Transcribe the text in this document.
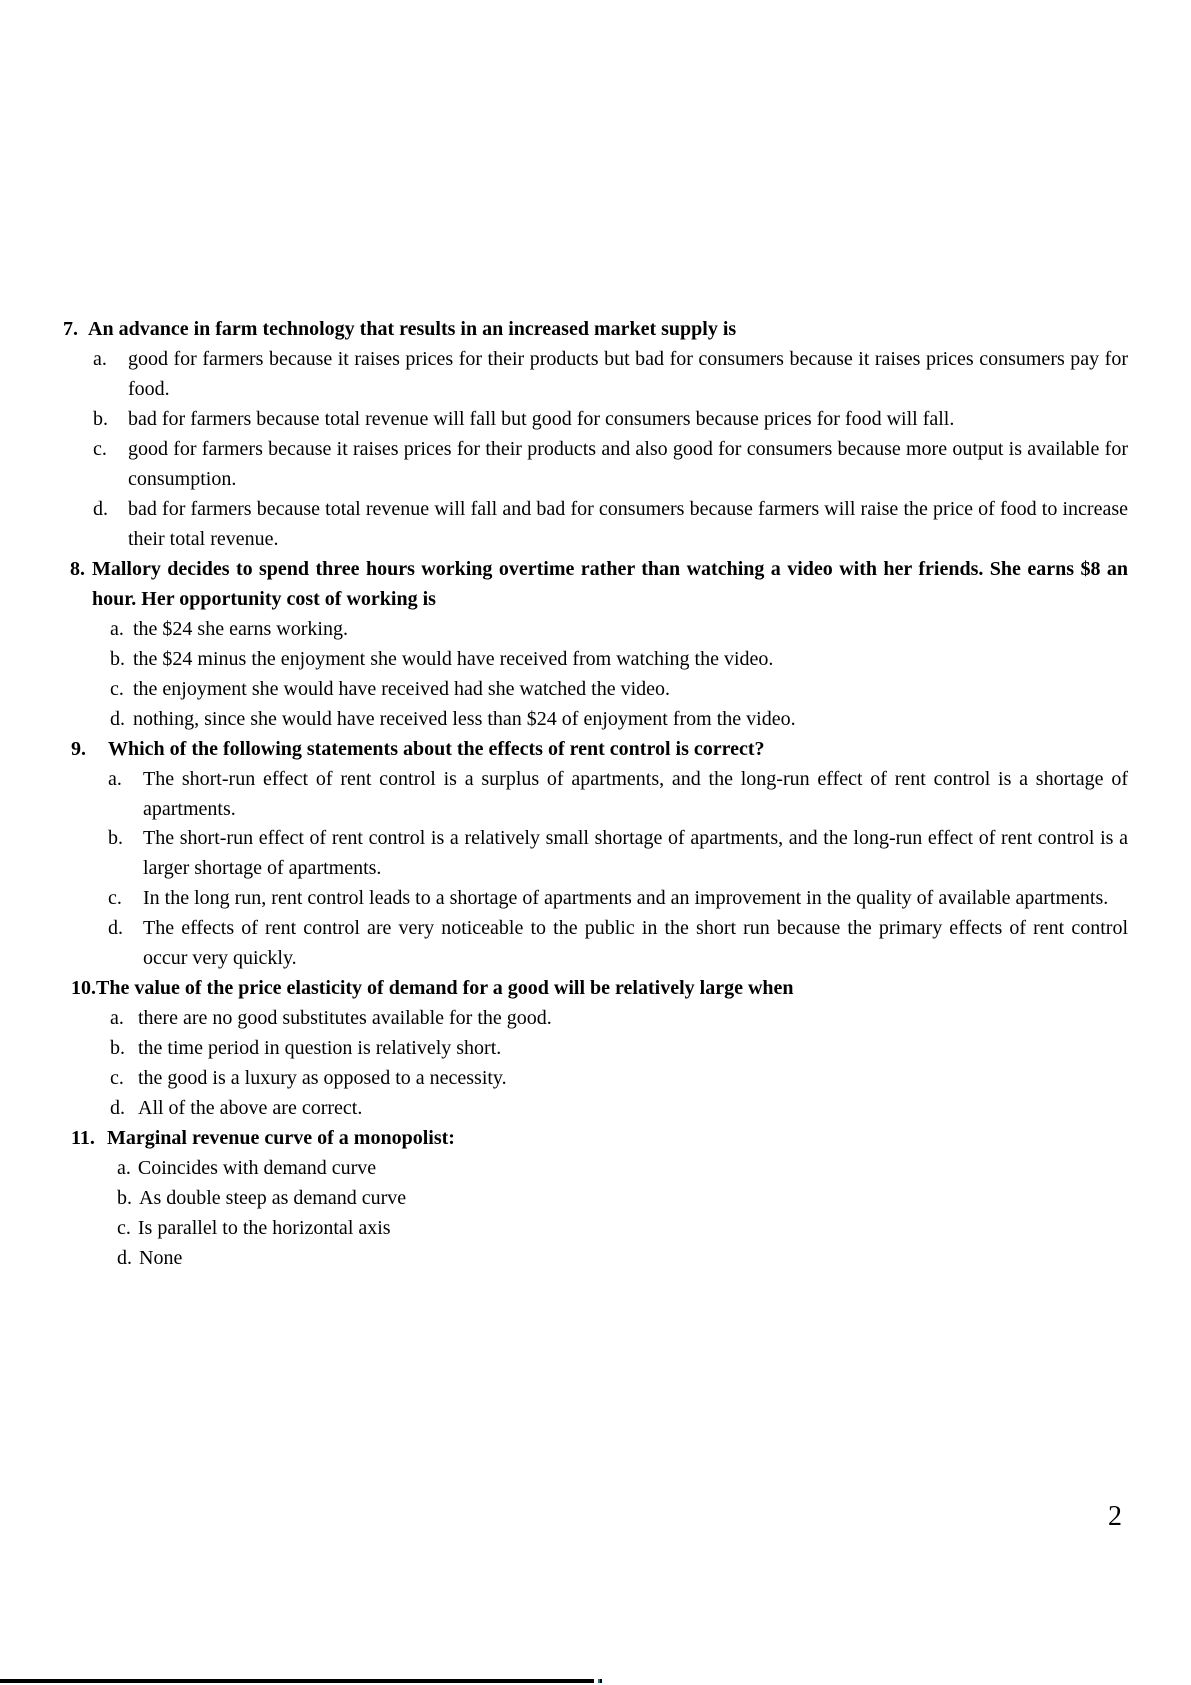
7. An advance in farm technology that results in an increased market supply is
a.	good for farmers because it raises prices for their products but bad for consumers because it raises prices consumers pay for food.
b.	bad for farmers because total revenue will fall but good for consumers because prices for food will fall.
c.	good for farmers because it raises prices for their products and also good for consumers because more output is available for consumption.
d.	bad for farmers because total revenue will fall and bad for consumers because farmers will raise the price of food to increase their total revenue.
8. Mallory decides to spend three hours working overtime rather than watching a video with her friends. She earns $8 an hour. Her opportunity cost of working is
a. the $24 she earns working.
b. the $24 minus the enjoyment she would have received from watching the video.
c. the enjoyment she would have received had she watched the video.
d. nothing, since she would have received less than $24 of enjoyment from the video.
9.	Which of the following statements about the effects of rent control is correct?
a.	The short-run effect of rent control is a surplus of apartments, and the long-run effect of rent control is a shortage of apartments.
b.	The short-run effect of rent control is a relatively small shortage of apartments, and the long-run effect of rent control is a larger shortage of apartments.
c.	In the long run, rent control leads to a shortage of apartments and an improvement in the quality of available apartments.
d.	The effects of rent control are very noticeable to the public in the short run because the primary effects of rent control occur very quickly.
10. The value of the price elasticity of demand for a good will be relatively large when
a. there are no good substitutes available for the good.
b. the time period in question is relatively short.
c. the good is a luxury as opposed to a necessity.
d. All of the above are correct.
11. Marginal revenue curve of a monopolist:
a. Coincides with demand curve
b. As double steep as demand curve
c. Is parallel to the horizontal axis
d. None
2
